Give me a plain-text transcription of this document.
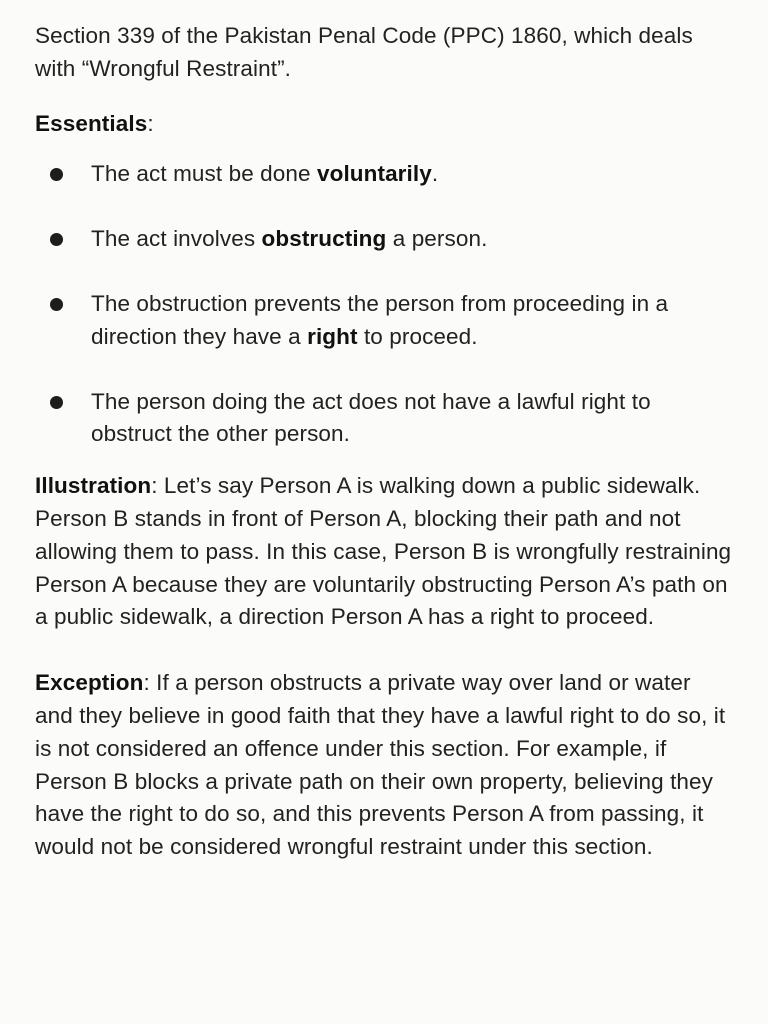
Section 339 of the Pakistan Penal Code (PPC) 1860, which deals with “Wrongful Restraint”.

Essentials:

The act must be done voluntarily.
The act involves obstructing a person.
The obstruction prevents the person from proceeding in a direction they have a right to proceed.
The person doing the act does not have a lawful right to obstruct the other person.

Illustration: Let’s say Person A is walking down a public sidewalk. Person B stands in front of Person A, blocking their path and not allowing them to pass. In this case, Person B is wrongfully restraining Person A because they are voluntarily obstructing Person A’s path on a public sidewalk, a direction Person A has a right to proceed.

Exception: If a person obstructs a private way over land or water and they believe in good faith that they have a lawful right to do so, it is not considered an offence under this section. For example, if Person B blocks a private path on their own property, believing they have the right to do so, and this prevents Person A from passing, it would not be considered wrongful restraint under this section.
